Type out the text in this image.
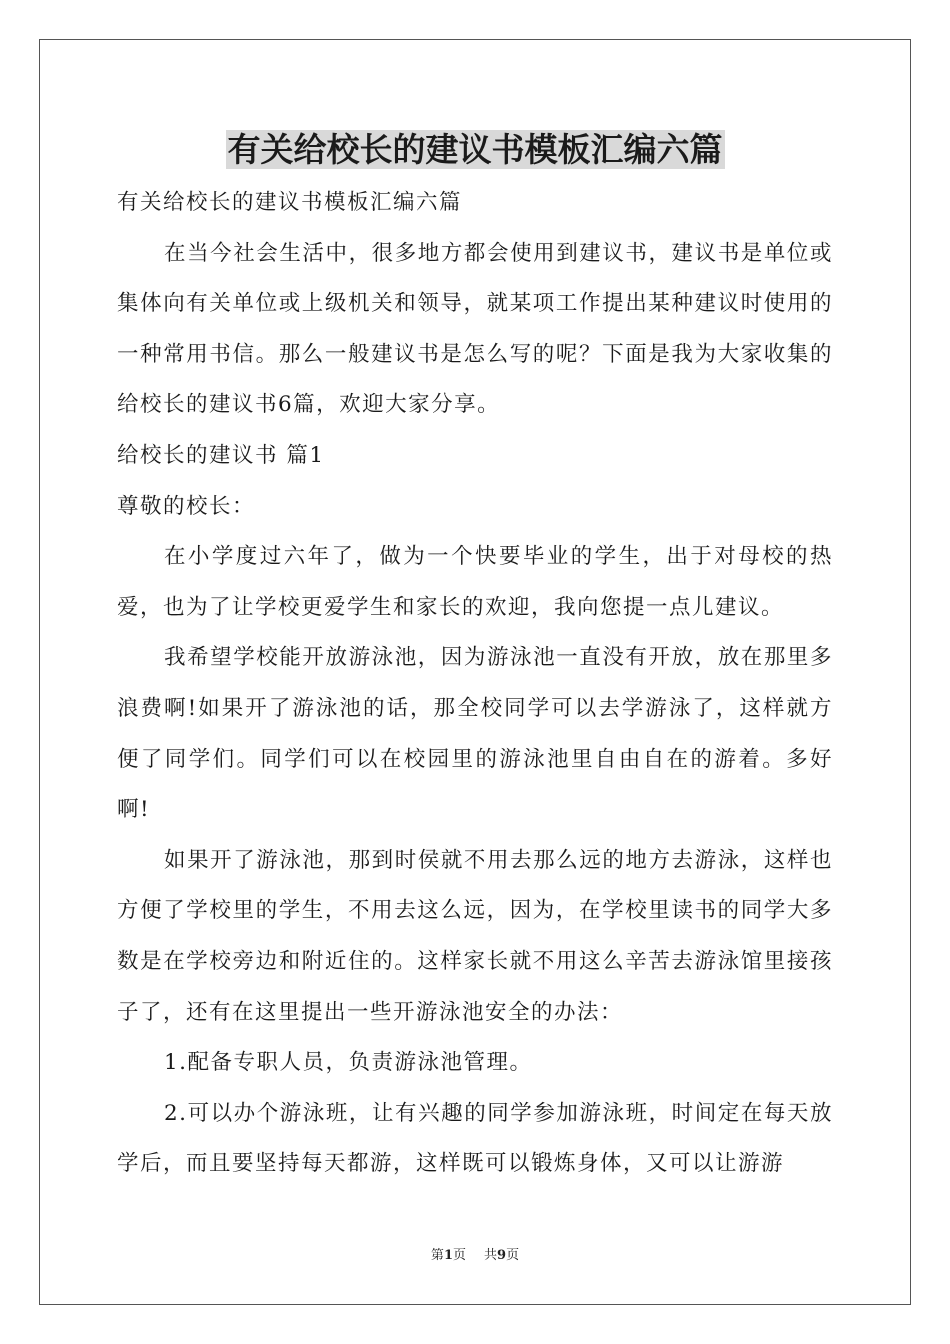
有关给校长的建议书模板汇编六篇

有关给校长的建议书模板汇编六篇

在当今社会生活中，很多地方都会使用到建议书，建议书是单位或集体向有关单位或上级机关和领导，就某项工作提出某种建议时使用的一种常用书信。那么一般建议书是怎么写的呢？下面是我为大家收集的给校长的建议书6篇，欢迎大家分享。

给校长的建议书 篇1

尊敬的校长：

在小学度过六年了，做为一个快要毕业的学生，出于对母校的热爱，也为了让学校更爱学生和家长的欢迎，我向您提一点儿建议。

我希望学校能开放游泳池，因为游泳池一直没有开放，放在那里多浪费啊!如果开了游泳池的话，那全校同学可以去学游泳了，这样就方便了同学们。同学们可以在校园里的游泳池里自由自在的游着。多好啊!

如果开了游泳池，那到时侯就不用去那么远的地方去游泳，这样也方便了学校里的学生，不用去这么远，因为，在学校里读书的同学大多数是在学校旁边和附近住的。这样家长就不用这么辛苦去游泳馆里接孩子了，还有在这里提出一些开游泳池安全的办法：

1.配备专职人员，负责游泳池管理。

2.可以办个游泳班，让有兴趣的同学参加游泳班，时间定在每天放学后，而且要坚持每天都游，这样既可以锻炼身体，又可以让游游

第1页 共9页
